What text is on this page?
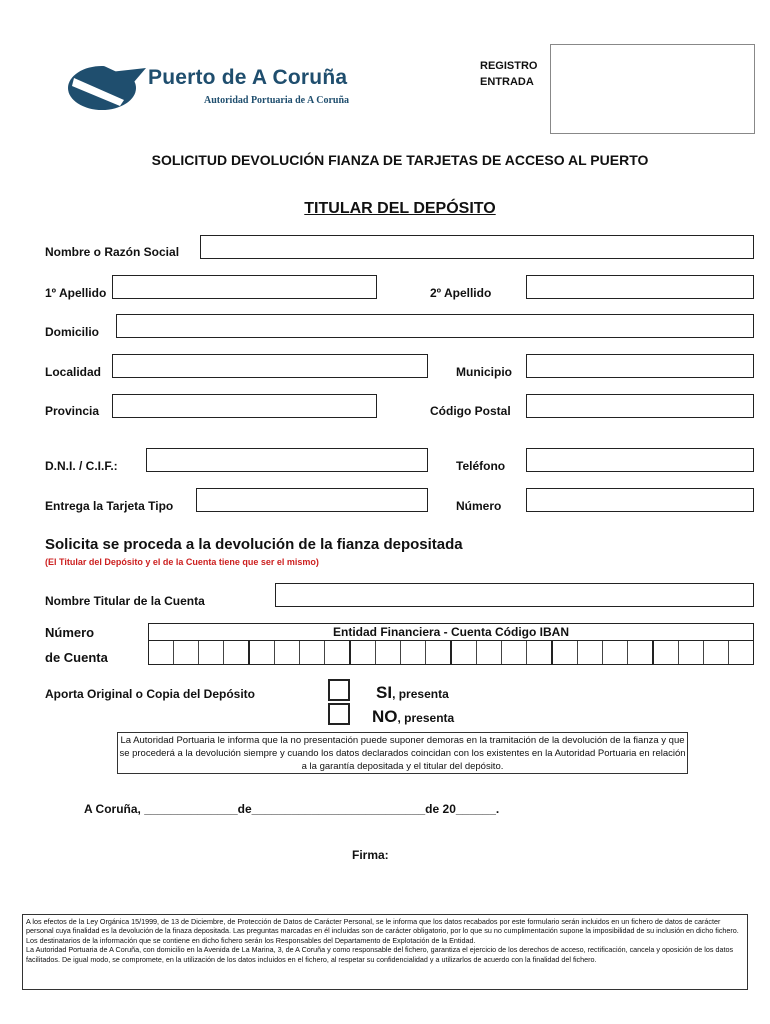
Puerto de A Coruña
Autoridad Portuaria de A Coruña
REGISTRO
ENTRADA
SOLICITUD DEVOLUCIÓN FIANZA DE TARJETAS DE ACCESO AL PUERTO
TITULAR DEL DEPÓSITO
Nombre o Razón Social
1º Apellido	2º Apellido
Domicilio
Localidad	Municipio
Provincia	Código Postal
D.N.I. / C.I.F.:	Teléfono
Entrega la Tarjeta Tipo	Número
Solicita se proceda a la devolución de la fianza depositada
(El Titular del Depósito y el de la Cuenta tiene que ser el mismo)
Nombre Titular de la Cuenta
Número
de Cuenta
Entidad Financiera - Cuenta Código IBAN
Aporta Original o Copia del Depósito	SI, presenta
NO, presenta
La Autoridad Portuaria le informa que la no presentación puede suponer demoras en la tramitación de la devolución de la fianza y que se procederá a la devolución siempre y cuando los datos declarados coincidan con los existentes en la Autoridad Portuaria en relación a la garantía depositada y el titular del depósito.
A Coruña, ______________de__________________________de 20______.
Firma:

A los efectos de la Ley Orgánica 15/1999, de 13 de Diciembre, de Protección de Datos de Carácter Personal, se le informa que los datos recabados por este formulario serán incluidos en un fichero de datos de carácter personal cuya finalidad es la devolución de la finaza depositada. Las preguntas marcadas en él incluidas son de carácter obligatorio, por lo que su no cumplimentación supone la imposibilidad de su inclusión en dicho fichero.

Los destinatarios de la información que se contiene en dicho fichero serán los Responsables del Departamento de Explotación de la Entidad.

La Autoridad Portuaria de A Coruña, con domicilio en la Avenida de La Marina, 3, de A Coruña y como responsable del fichero, garantiza el ejercicio de los derechos de acceso, rectificación, cancela y oposición de los datos facilitados. De igual modo, se compromete, en la utilización de los datos incluidos en el fichero, al respetar su confidencialidad y a utilizarlos de acuerdo con la finalidad del fichero.
